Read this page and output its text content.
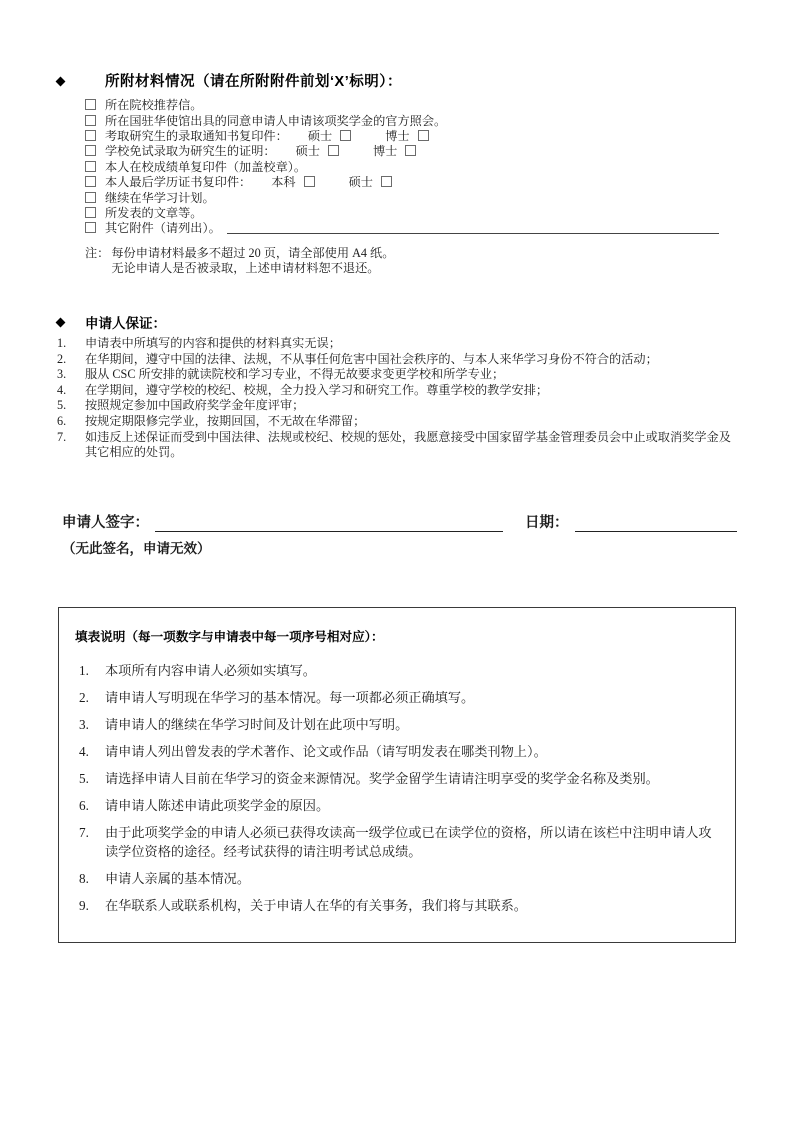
所附材料情况（请在所附附件前划‘X’标明）：
所在院校推荐信。
所在国驻华使馆出具的同意申请人申请该项奖学金的官方照会。
考取研究生的录取通知书复印件： 硕士	博士
学校免试录取为研究生的证明： 硕士	博士
本人在校成绩单复印件（加盖校章）。
本人最后学历证书复印件： 本科	硕士
继续在华学习计划。
所发表的文章等。
其它附件（请列出）。
注： 每份申请材料最多不超过 20 页，请全部使用 A4 纸。
无论申请人是否被录取，上述申请材料恕不退还。
申请人保证：
1.	申请表中所填写的内容和提供的材料真实无误；
2.	在华期间，遵守中国的法律、法规，不从事任何危害中国社会秩序的、与本人来华学习身份不符合的活动；
3.	服从 CSC 所安排的就读院校和学习专业，不得无故要求变更学校和所学专业；
4.	在学期间，遵守学校的校纪、校规，全力投入学习和研究工作。尊重学校的教学安排；
5.	按照规定参加中国政府奖学金年度评审；
6.	按规定期限修完学业，按期回国，不无故在华滞留；
7.	如违反上述保证而受到中国法律、法规或校纪、校规的惩处，我愿意接受中国家留学基金管理委员会中止或取消奖学金及其它相应的处罚。
申请人签字：	日期：
（无此签名，申请无效）
填表说明（每一项数字与申请表中每一项序号相对应）：
1.	本项所有内容申请人必须如实填写。
2.	请申请人写明现在华学习的基本情况。每一项都必须正确填写。
3.	请申请人的继续在华学习时间及计划在此项中写明。
4.	请申请人列出曾发表的学术著作、论文或作品（请写明发表在哪类刊物上）。
5.	请选择申请人目前在华学习的资金来源情况。奖学金留学生请请注明享受的奖学金名称及类别。
6.	请申请人陈述申请此项奖学金的原因。
7.	由于此项奖学金的申请人必须已获得攻读高一级学位或已在读学位的资格，所以请在该栏中注明申请人攻读学位资格的途径。经考试获得的请注明考试总成绩。
8.	申请人亲属的基本情况。
9.	在华联系人或联系机构，关于申请人在华的有关事务，我们将与其联系。
